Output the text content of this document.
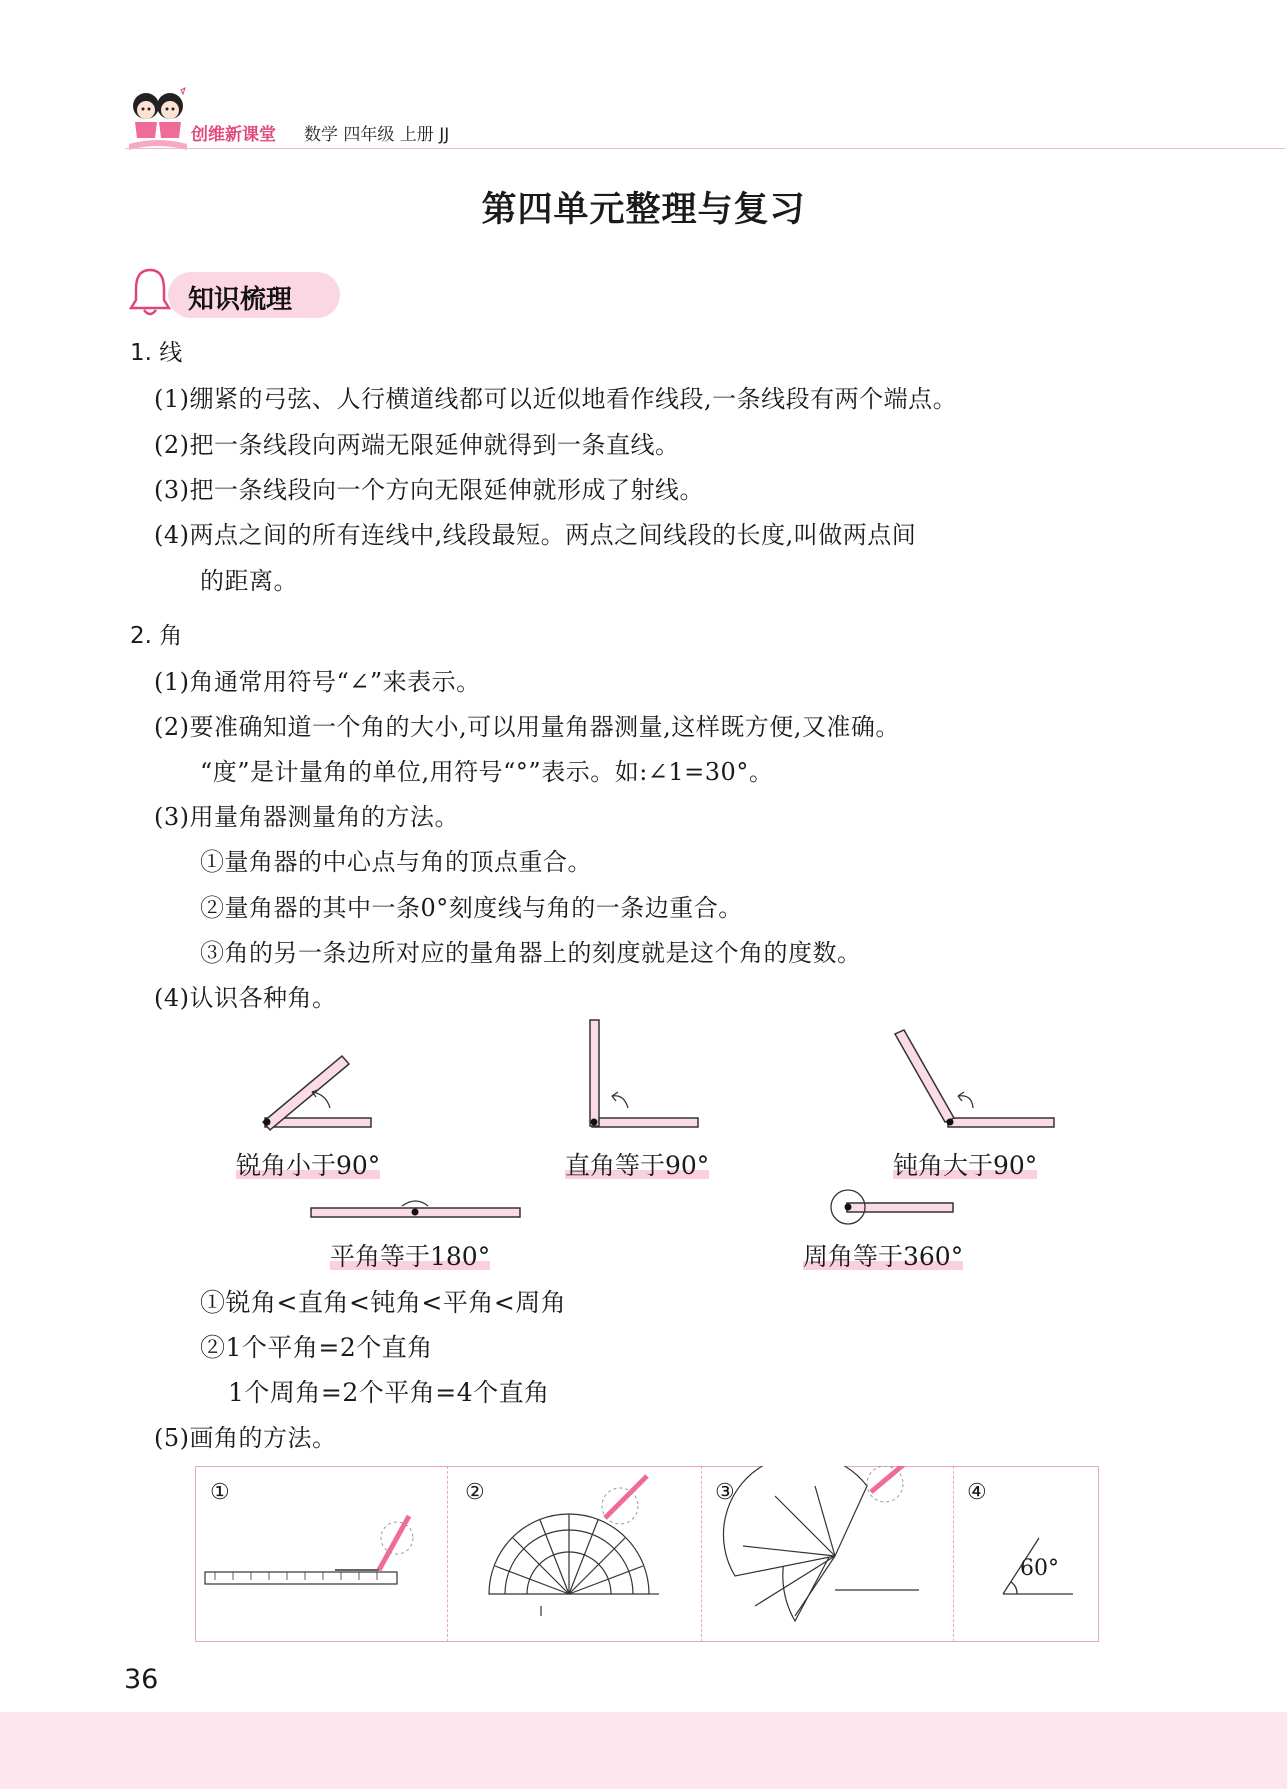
创维新课堂 数学 四年级 上册 JJ
第四单元整理与复习
知识梳理
1. 线
(1)绷紧的弓弦、人行横道线都可以近似地看作线段,一条线段有两个端点。
(2)把一条线段向两端无限延伸就得到一条直线。
(3)把一条线段向一个方向无限延伸就形成了射线。
(4)两点之间的所有连线中,线段最短。两点之间线段的长度,叫做两点间
的距离。
2. 角
(1)角通常用符号“∠”来表示。
(2)要准确知道一个角的大小,可以用量角器测量,这样既方便,又准确。
“度”是计量角的单位,用符号“°”表示。如:∠1=30°。
(3)用量角器测量角的方法。
①量角器的中心点与角的顶点重合。
②量角器的其中一条0°刻度线与角的一条边重合。
③角的另一条边所对应的量角器上的刻度就是这个角的度数。
(4)认识各种角。
锐角小于90°	直角等于90°	钝角大于90°
平角等于180°	周角等于360°
①锐角<直角<钝角<平角<周角
②1个平角=2个直角
1个周角=2个平角=4个直角
(5)画角的方法。
①	②	③	④
60°
36
